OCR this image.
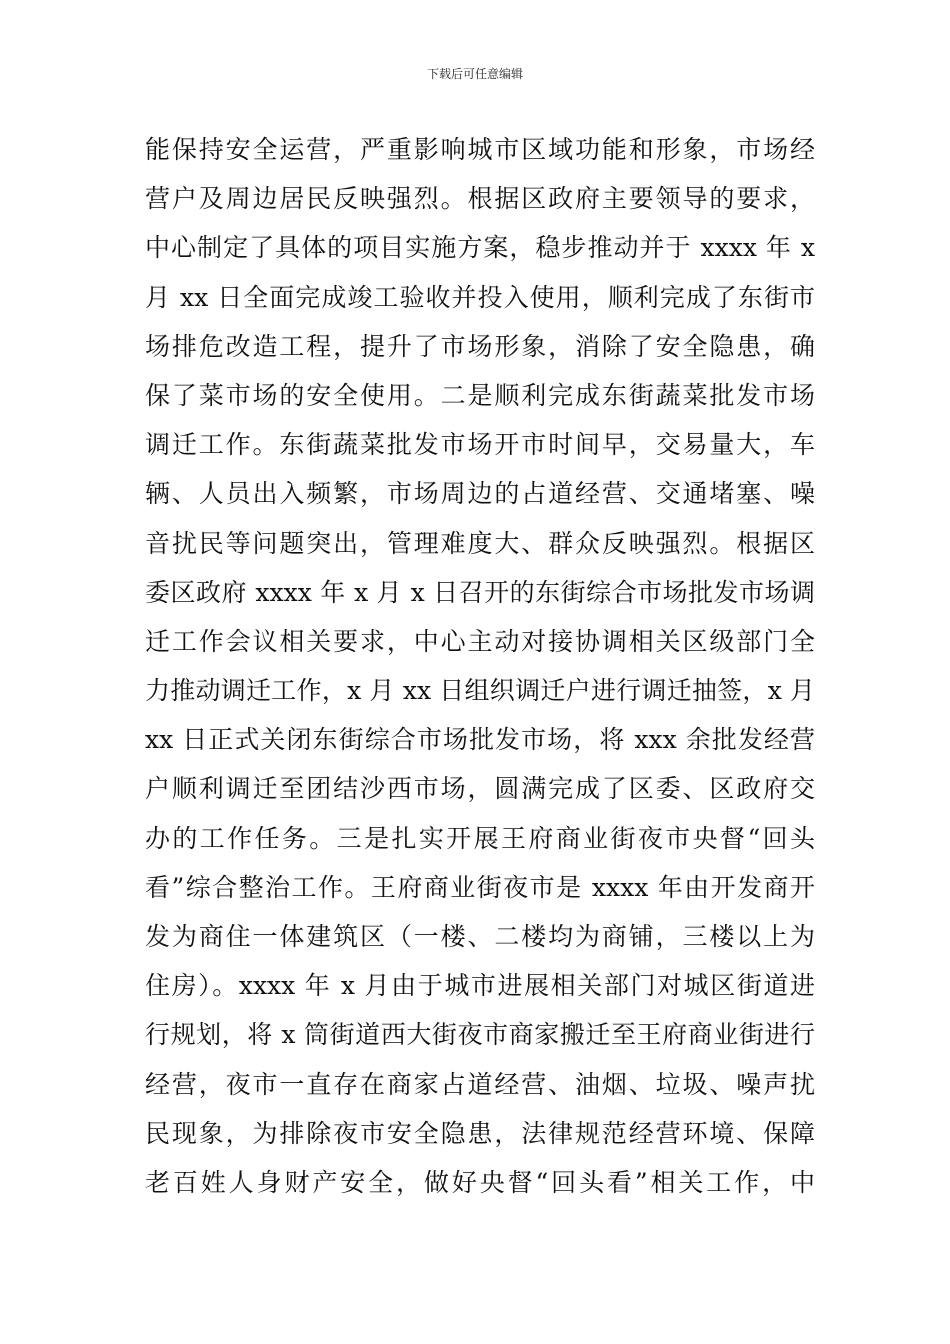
下载后可任意编辑
能保持安全运营，严重影响城市区域功能和形象，市场经
营户及周边居民反映强烈。根据区政府主要领导的要求，
中心制定了具体的项目实施方案，稳步推动并于 xxxx 年 x
月 xx 日全面完成竣工验收并投入使用，顺利完成了东街市
场排危改造工程，提升了市场形象，消除了安全隐患，确
保了菜市场的安全使用。二是顺利完成东街蔬菜批发市场
调迁工作。东街蔬菜批发市场开市时间早，交易量大，车
辆、人员出入频繁，市场周边的占道经营、交通堵塞、噪
音扰民等问题突出，管理难度大、群众反映强烈。根据区
委区政府 xxxx 年 x 月 x 日召开的东街综合市场批发市场调
迁工作会议相关要求，中心主动对接协调相关区级部门全
力推动调迁工作，x 月 xx 日组织调迁户进行调迁抽签，x 月
xx 日正式关闭东街综合市场批发市场，将 xxx 余批发经营
户顺利调迁至团结沙西市场，圆满完成了区委、区政府交
办的工作任务。三是扎实开展王府商业街夜市央督“回头
看”综合整治工作。王府商业街夜市是 xxxx 年由开发商开
发为商住一体建筑区（一楼、二楼均为商铺，三楼以上为
住房）。xxxx 年 x 月由于城市进展相关部门对城区街道进
行规划，将 x 筒街道西大街夜市商家搬迁至王府商业街进行
经营，夜市一直存在商家占道经营、油烟、垃圾、噪声扰
民现象，为排除夜市安全隐患，法律规范经营环境、保障
老百姓人身财产安全，做好央督“回头看”相关工作，中
